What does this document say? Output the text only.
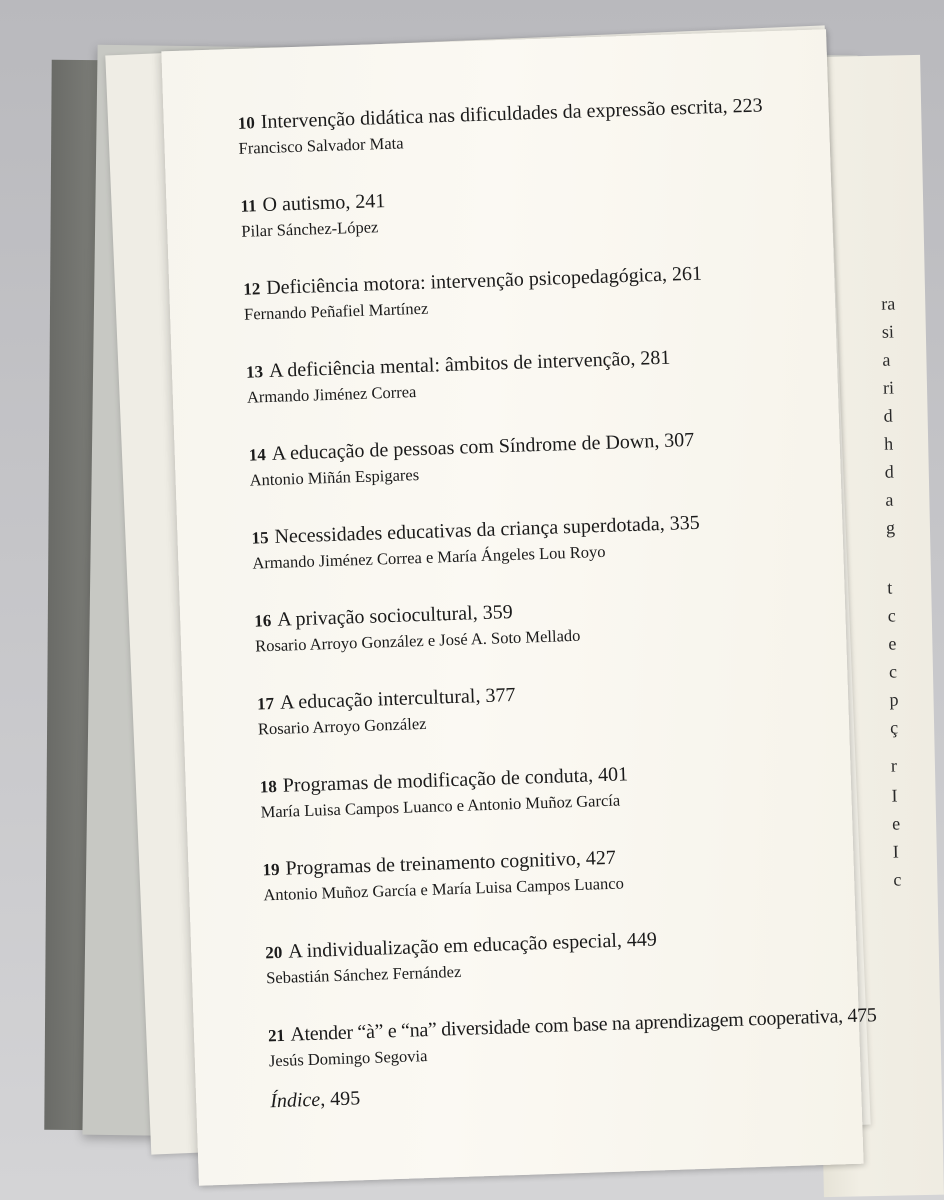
ra
si
a
ri
d
h
d
a
g
t
c
e
c
p
ç
r
I
e
I
c
10 Intervenção didática nas dificuldades da expressão escrita, 223
Francisco Salvador Mata
11 O autismo, 241
Pilar Sánchez-López
12 Deficiência motora: intervenção psicopedagógica, 261
Fernando Peñafiel Martínez
13 A deficiência mental: âmbitos de intervenção, 281
Armando Jiménez Correa
14 A educação de pessoas com Síndrome de Down, 307
Antonio Miñán Espigares
15 Necessidades educativas da criança superdotada, 335
Armando Jiménez Correa e María Ángeles Lou Royo
16 A privação sociocultural, 359
Rosario Arroyo González e José A. Soto Mellado
17 A educação intercultural, 377
Rosario Arroyo González
18 Programas de modificação de conduta, 401
María Luisa Campos Luanco e Antonio Muñoz García
19 Programas de treinamento cognitivo, 427
Antonio Muñoz García e María Luisa Campos Luanco
20 A individualização em educação especial, 449
Sebastián Sánchez Fernández
21 Atender “à” e “na” diversidade com base na aprendizagem cooperativa, 475
Jesús Domingo Segovia
Índice, 495
